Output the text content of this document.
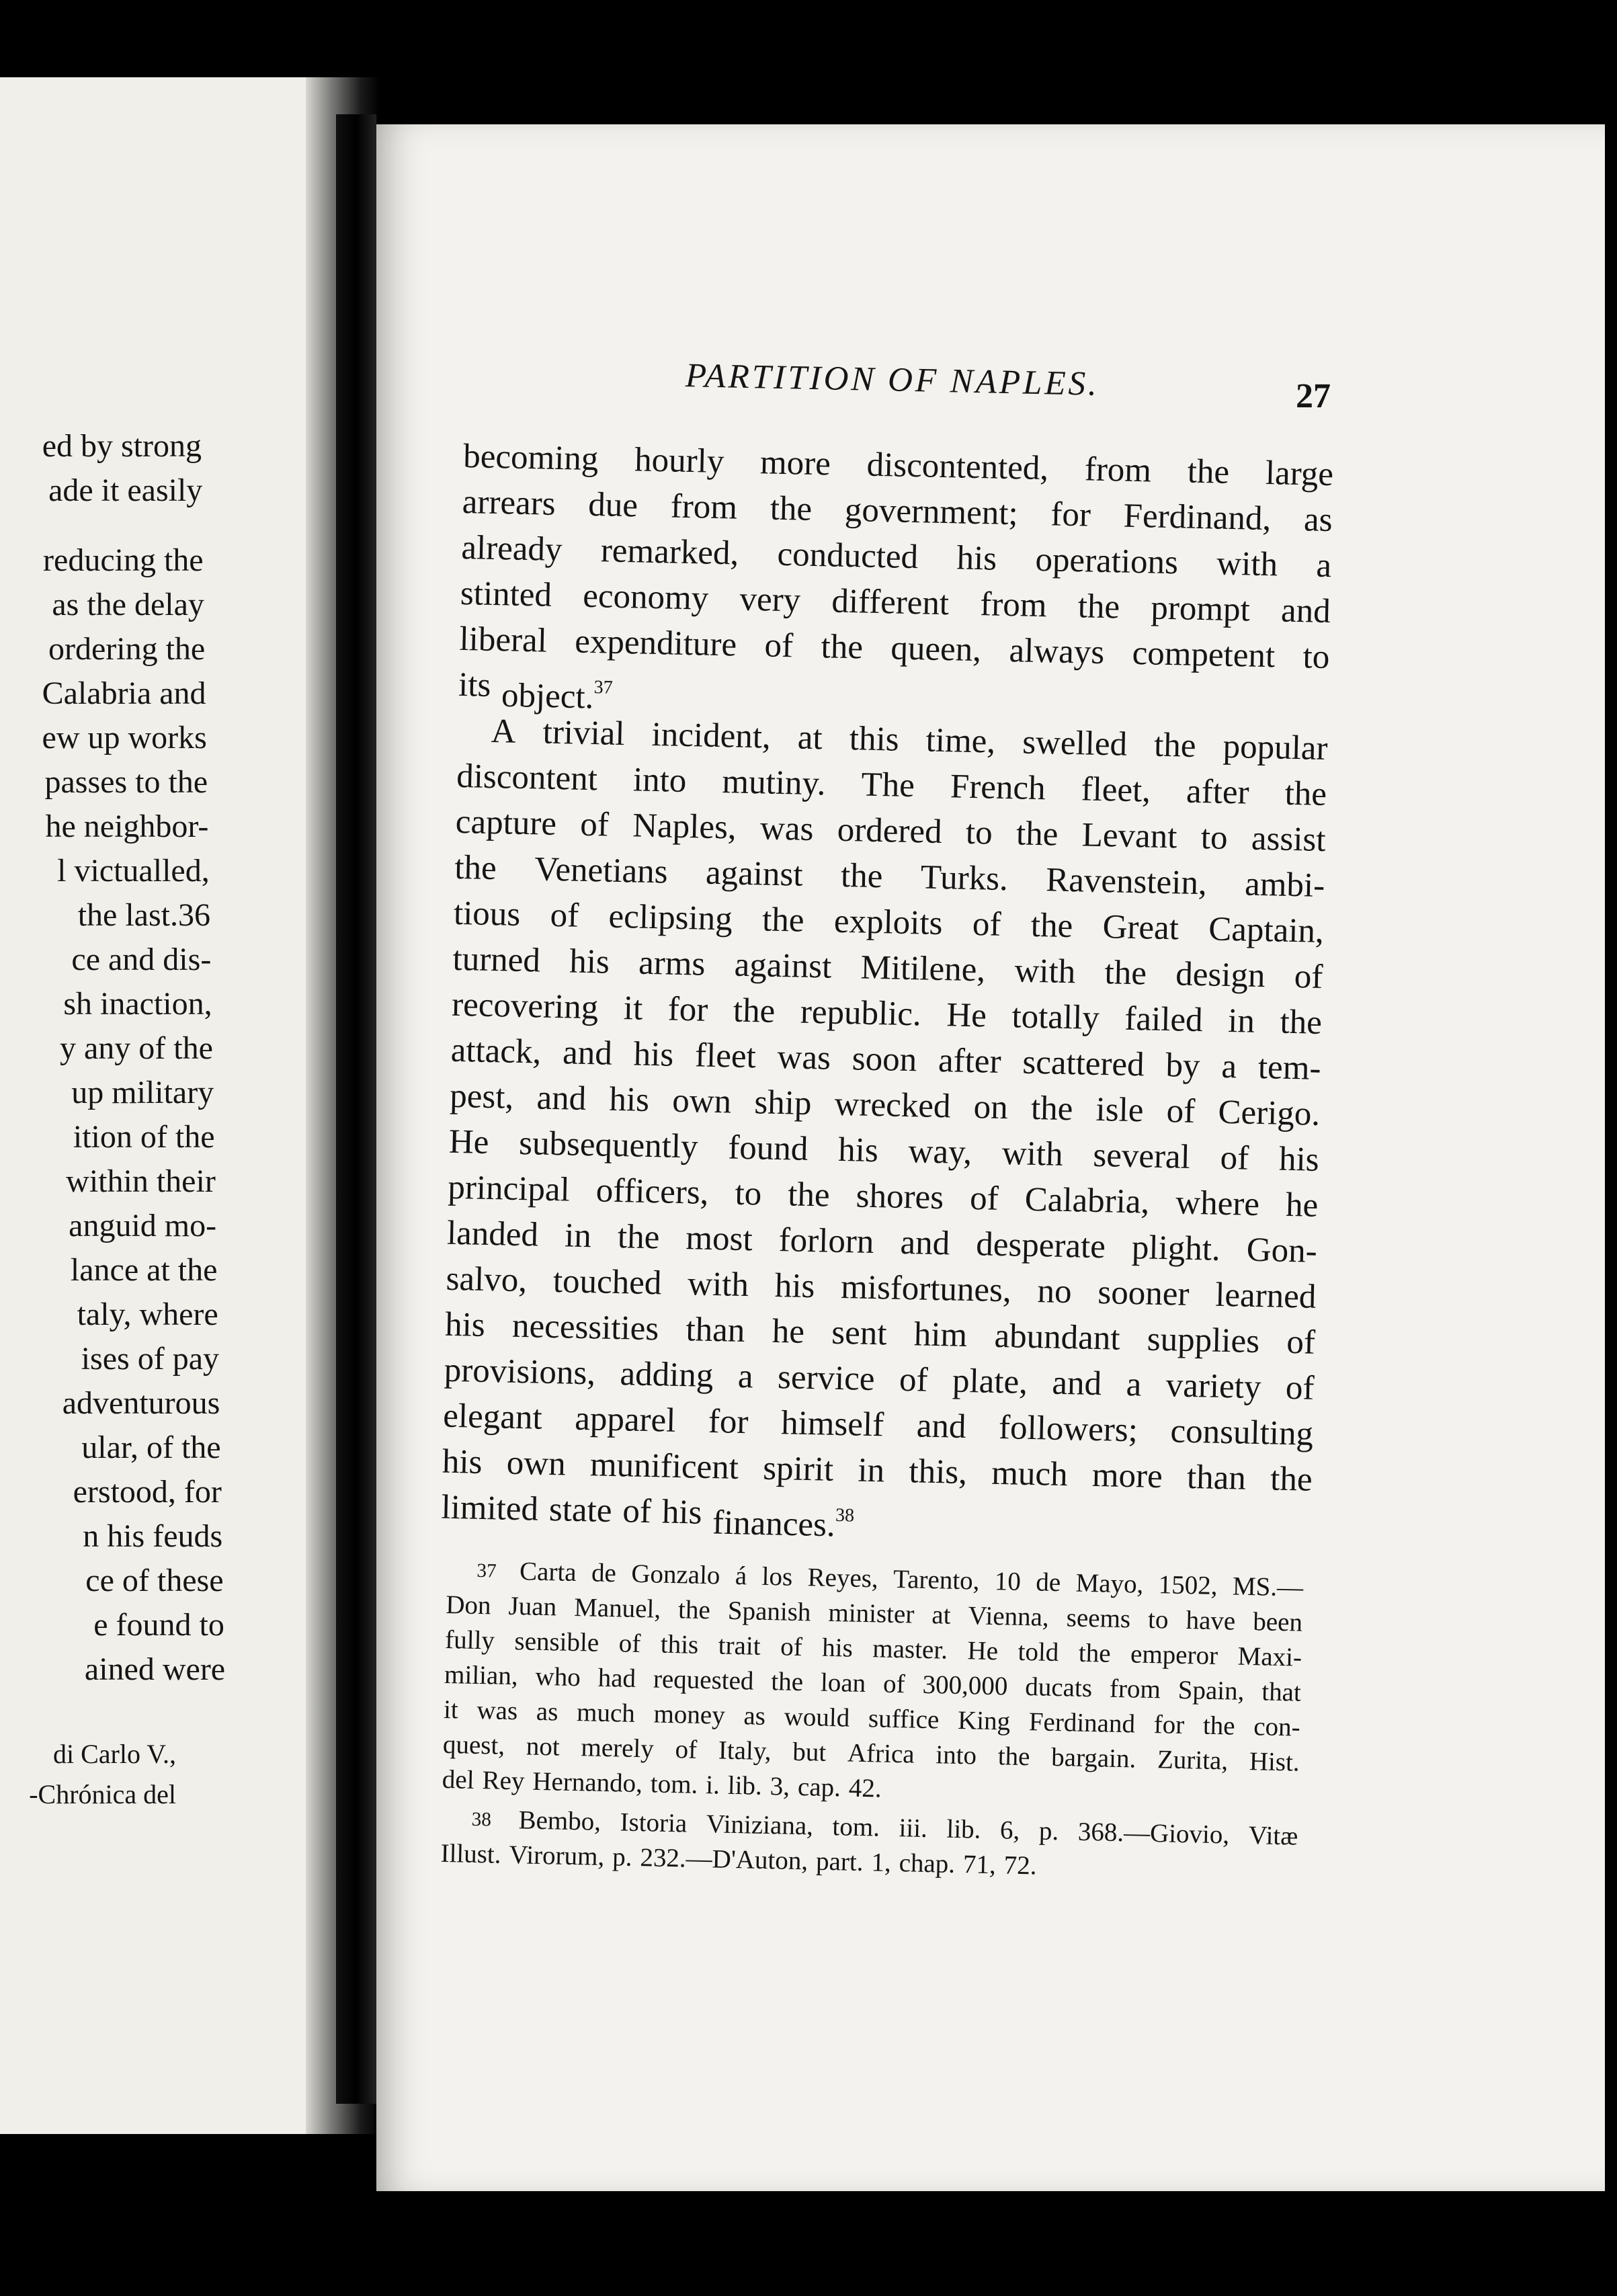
ed by strong
ade it easily
reducing the
as the delay
ordering the
Calabria and
ew up works
passes to the
he neighbor-
l victualled,
the last.36
ce and dis-
sh inaction,
y any of the
up military
ition of the
within their
anguid mo-
lance at the
taly, where
ises of pay
adventurous
ular, of the
erstood, for
n his feuds
ce of these
e found to
ained were
di Carlo V.,
-Chrónica del
PARTITION OF NAPLES.	27
becoming hourly more discontented, from the large
arrears due from the government; for Ferdinand, as
already remarked, conducted his operations with a
stinted economy very different from the prompt and
liberal expenditure of the queen, always competent to
its object.$^{37}$
A trivial incident, at this time, swelled the popular
discontent into mutiny. The French fleet, after the
capture of Naples, was ordered to the Levant to assist
the Venetians against the Turks. Ravenstein, ambi-
tious of eclipsing the exploits of the Great Captain,
turned his arms against Mitilene, with the design of
recovering it for the republic. He totally failed in the
attack, and his fleet was soon after scattered by a tem-
pest, and his own ship wrecked on the isle of Cerigo.
He subsequently found his way, with several of his
principal officers, to the shores of Calabria, where he
landed in the most forlorn and desperate plight. Gon-
salvo, touched with his misfortunes, no sooner learned
his necessities than he sent him abundant supplies of
provisions, adding a service of plate, and a variety of
elegant apparel for himself and followers; consulting
his own munificent spirit in this, much more than the
limited state of his finances.$^{38}$
37 Carta de Gonzalo á los Reyes, Tarento, 10 de Mayo, 1502, MS.—
Don Juan Manuel, the Spanish minister at Vienna, seems to have been
fully sensible of this trait of his master. He told the emperor Maxi-
milian, who had requested the loan of 300,000 ducats from Spain, that
it was as much money as would suffice King Ferdinand for the con-
quest, not merely of Italy, but Africa into the bargain. Zurita, Hist.
del Rey Hernando, tom. i. lib. 3, cap. 42.
38 Bembo, Istoria Viniziana, tom. iii. lib. 6, p. 368.—Giovio, Vitæ
Illust. Virorum, p. 232.—D'Auton, part. 1, chap. 71, 72.
